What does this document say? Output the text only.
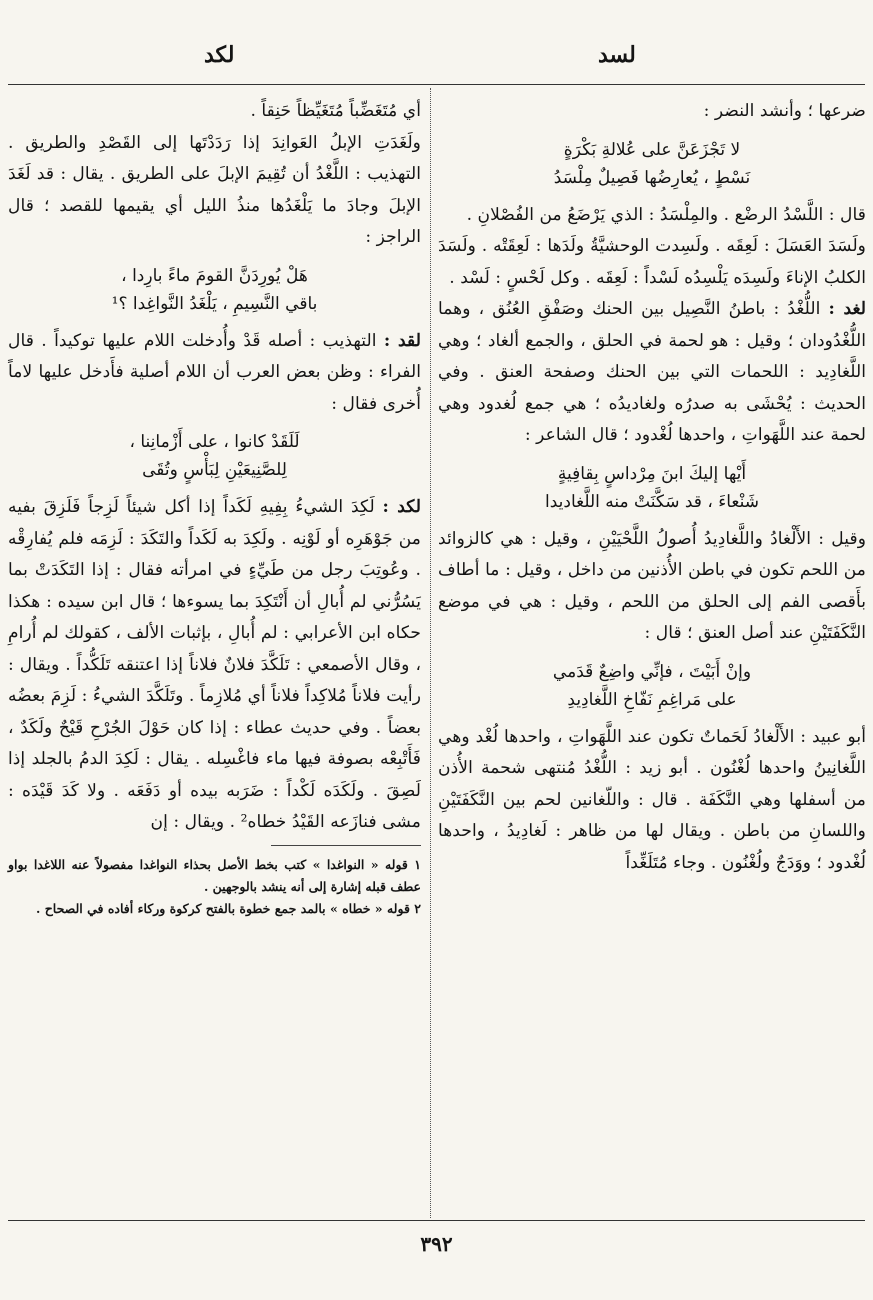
لكد	لسد

ضرعها ؛ وأنشد النضر :

لا تَجْزَعَنَّ على عُلالةِ بَكْرَةٍ
نَسْطٍ ، يُعارِضُها فَصِيلٌ مِلْسَدُ

قال : اللَّسْدُ الرضْع . والمِلْسَدُ : الذي يَرْضَعُ من الفُصْلانِ .

ولَسَدَ العَسَلَ : لَعِقَه . ولَسِدت الوحشيَّةُ ولَدَها : لَعِقَتْه . ولَسَدَ الكلبُ الإناءَ ولَسِدَه يَلْسِدُه لَسْداً : لَعِقَه . وكل لَحْسٍ : لَسْد .

لغد : اللُّغْدُ : باطنُ النَّصِيل بين الحنك وصَفْقِ العُنُق ، وهما اللُّغْدُودان ؛ وقيل : هو لحمة في الحلق ، والجمع ألغاد ؛ وهي اللَّغادِيد : اللحمات التي بين الحنك وصفحة العنق . وفي الحديث : يُحْشَى به صدرُه ولغاديدُه ؛ هي جمع لُغدود وهي لحمة عند اللَّهَواتِ ، واحدها لُغْدود ؛ قال الشاعر :

أَيْها إليكَ ابنَ مِرْداسٍ بِقافِيةٍ
شَنْعاءَ ، قد سَكَّنَتْ منه اللَّغاديدا

وقيل : الأَلْغادُ واللَّغادِيدُ أُصولُ اللَّحْيَيْنِ ، وقيل : هي كالزوائد من اللحم تكون في باطن الأُذنين من داخل ، وقيل : ما أطاف بأَقصى الفم إلى الحلق من اللحم ، وقيل : هي في موضع النَّكَفَتَيْنِ عند أصل العنق ؛ قال :

وإنْ أَبَيْتَ ، فإنِّي واضِعٌ قَدَمي
على مَراغِمِ نَفّاخِ اللَّغادِيدِ

أبو عبيد : الأَلْغادُ لَحَماتٌ تكون عند اللَّهَواتِ ، واحدها لُغْد وهي اللَّغانِينُ واحدها لُغْنُون . أبو زيد : اللُّغْدُ مُنتهى شحمة الأُذن من أسفلها وهي النَّكَفَة . قال : واللّغانين لحم بين النَّكَفَتَيْنِ واللسانِ من باطن . ويقال لها من ظاهر : لَغادِيدُ ، واحدها لُغْدود ؛ ووَدَجٌ ولُغْنُون . وجاء مُتَلَغِّداً

أي مُتَغَضِّباً مُتَغَيِّظاً حَنِقاً .

ولَغَدَتِ الإبلُ العَوانِدَ إذا رَدَدْتَها إلى القَصْدِ والطريق . التهذيب : اللَّغْدُ أن تُقِيمَ الإبلَ على الطريق . يقال : قد لَغَدَ الإبلَ وجادَ ما يَلْغَدُها منذُ الليل أي يقيمها للقصد ؛ قال الراجز :

هَلْ يُورِدَنَّ القومَ ماءً بارِدا ،
باقي النَّسِيمِ ، يَلْغَدُ النَّواغِدا ؟¹

لقد : التهذيب : أصله قَدْ وأُدخلت اللام عليها توكيداً . قال الفراء : وظن بعض العرب أن اللام أصلية فأَدخل عليها لاماً أُخرى فقال :

لَلَقَدْ كانوا ، على أَزْمانِنا ،
لِلصَّنِيعَيْنِ لِبَأْسٍ وتُقَى

لكد : لَكِدَ الشيءُ بِفِيهِ لَكَداً إذا أكل شيئاً لَزِجاً فَلَزِقَ بفيه من جَوْهَرِه أو لَوْنِه . ولَكِدَ به لَكَداً والتَكَدَ : لَزِمَه فلم يُفارِقْه . وعُوتِبَ رجل من طَيِّءٍ في امرأته فقال : إذا التَكَدَتْ بما يَسُرُّني لم أُبالِ أن أَنْتَكِدَ بما يسوءها ؛ قال ابن سيده : هكذا حكاه ابن الأعرابي : لم أُبالِ ، بإثبات الألف ، كقولك لم أُرامِ ، وقال الأصمعي : تَلَكَّدَ فلانٌ فلاناً إذا اعتنقه تَلَكُّداً . ويقال : رأيت فلاناً مُلاكِداً فلاناً أي مُلازِماً . وتَلَكَّدَ الشيءُ : لَزِمَ بعضُه بعضاً . وفي حديث عطاء : إذا كان حَوْلَ الجُرْحِ قَيْحٌ ولَكَدٌ ، فَأَتْبِعْه بصوفة فيها ماء فاغْسِله . يقال : لَكِدَ الدمُ بالجلد إذا لَصِقَ . ولَكَدَه لَكْداً : ضَرَبه بيده أو دَفَعَه . ولا كَدَ قَيْدَه : مشى فنازَعه القَيْدُ خطاه² . ويقال : إن

١ قوله « النواغدا » كتب بخط الأصل بحذاء النواغدا مفصولاً عنه اللاغدا بواو عطف قبله إشارة إلى أنه ينشد بالوجهين .

٢ قوله « خطاه » بالمد جمع خطوة بالفتح كركوة وركاء أفاده في الصحاح .

٣٩٢
